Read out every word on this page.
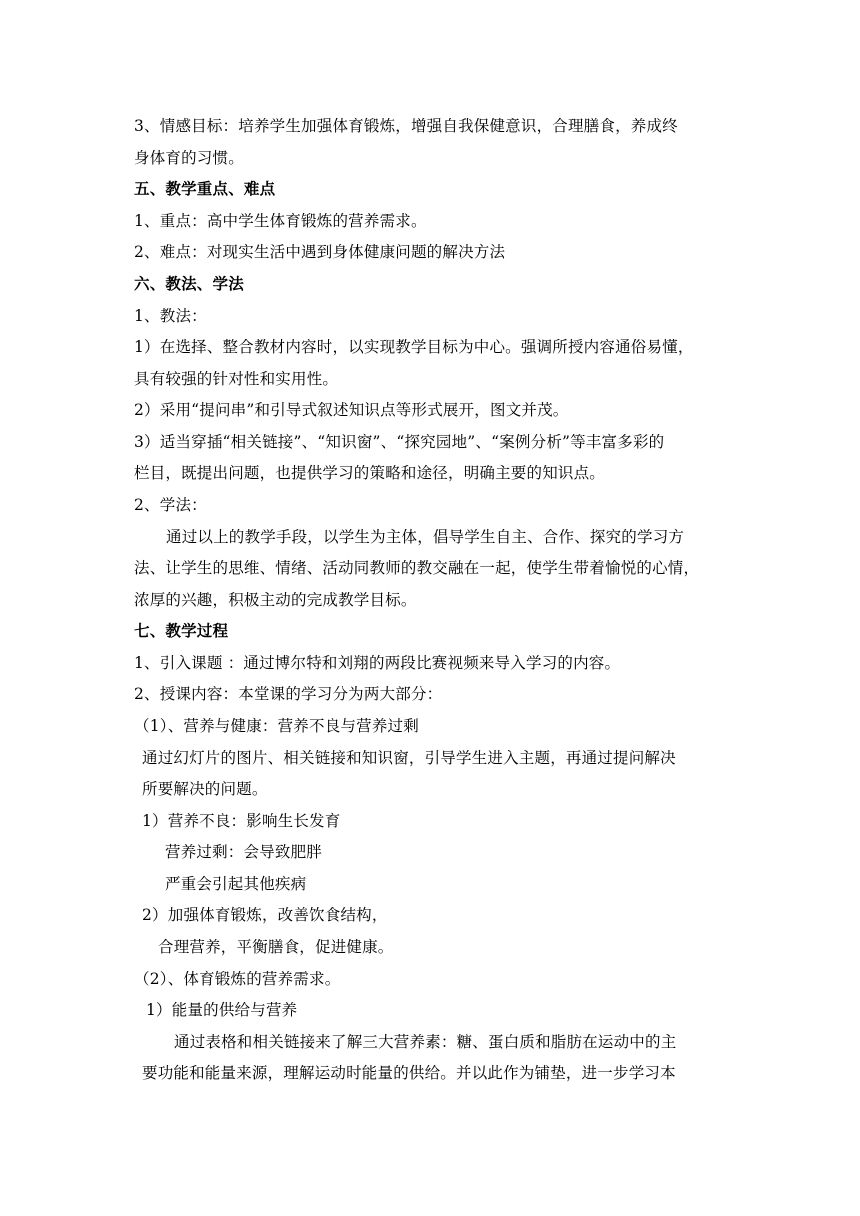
3、情感目标：培养学生加强体育锻炼，增强自我保健意识，合理膳食，养成终
身体育的习惯。
五、教学重点、难点
1、重点：高中学生体育锻炼的营养需求。
2、难点：对现实生活中遇到身体健康问题的解决方法
六、教法、学法
1、教法：
1）在选择、整合教材内容时，以实现教学目标为中心。强调所授内容通俗易懂，
具有较强的针对性和实用性。
2）采用“提问串”和引导式叙述知识点等形式展开，图文并茂。
3）适当穿插“相关链接”、“知识窗”、“探究园地”、“案例分析”等丰富多彩的
栏目，既提出问题，也提供学习的策略和途径，明确主要的知识点。
2、学法：
通过以上的教学手段，以学生为主体，倡导学生自主、合作、探究的学习方
法、让学生的思维、情绪、活动同教师的教交融在一起，使学生带着愉悦的心情，
浓厚的兴趣，积极主动的完成教学目标。
七、教学过程
1、引入课题 ：通过博尔特和刘翔的两段比赛视频来导入学习的内容。
2、授课内容：本堂课的学习分为两大部分：
（1）、营养与健康：营养不良与营养过剩
通过幻灯片的图片、相关链接和知识窗，引导学生进入主题，再通过提问解决
所要解决的问题。
1）营养不良：影响生长发育
营养过剩：会导致肥胖
严重会引起其他疾病
2）加强体育锻炼，改善饮食结构，
合理营养，平衡膳食，促进健康。
（2）、体育锻炼的营养需求。
1）能量的供给与营养
通过表格和相关链接来了解三大营养素：糖、蛋白质和脂肪在运动中的主
要功能和能量来源，理解运动时能量的供给。并以此作为铺垫，进一步学习本
